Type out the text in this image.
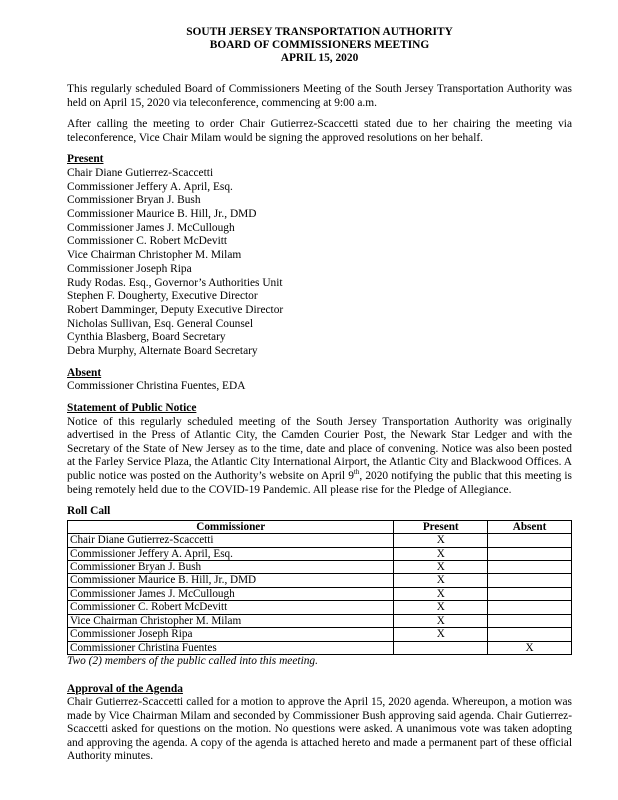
SOUTH JERSEY TRANSPORTATION AUTHORITY
BOARD OF COMMISSIONERS MEETING
APRIL 15, 2020

This regularly scheduled Board of Commissioners Meeting of the South Jersey Transportation Authority was held on April 15, 2020 via teleconference, commencing at 9:00 a.m.

After calling the meeting to order Chair Gutierrez-Scaccetti stated due to her chairing the meeting via teleconference, Vice Chair Milam would be signing the approved resolutions on her behalf.

Present
Chair Diane Gutierrez-Scaccetti
Commissioner Jeffery A. April, Esq.
Commissioner Bryan J. Bush
Commissioner Maurice B. Hill, Jr., DMD
Commissioner James J. McCullough
Commissioner C. Robert McDevitt
Vice Chairman Christopher M. Milam
Commissioner Joseph Ripa
Rudy Rodas. Esq., Governor’s Authorities Unit
Stephen F. Dougherty, Executive Director
Robert Damminger, Deputy Executive Director
Nicholas Sullivan, Esq. General Counsel
Cynthia Blasberg, Board Secretary
Debra Murphy, Alternate Board Secretary
Absent
Commissioner Christina Fuentes, EDA
Statement of Public Notice

Notice of this regularly scheduled meeting of the South Jersey Transportation Authority was originally advertised in the Press of Atlantic City, the Camden Courier Post, the Newark Star Ledger and with the Secretary of the State of New Jersey as to the time, date and place of convening. Notice was also been posted at the Farley Service Plaza, the Atlantic City International Airport, the Atlantic City and Blackwood Offices. A public notice was posted on the Authority’s website on April 9th, 2020 notifying the public that this meeting is being remotely held due to the COVID-19 Pandemic. All please rise for the Pledge of Allegiance.

Roll Call
Commissioner	Present	Absent
Chair Diane Gutierrez-Scaccetti	X	
Commissioner Jeffery A. April, Esq.	X	
Commissioner Bryan J. Bush	X	
Commissioner Maurice B. Hill, Jr., DMD	X	
Commissioner James J. McCullough	X	
Commissioner C. Robert McDevitt	X	
Vice Chairman Christopher M. Milam	X	
Commissioner Joseph Ripa	X	
Commissioner Christina Fuentes		X
Two (2) members of the public called into this meeting.
Approval of the Agenda

Chair Gutierrez-Scaccetti called for a motion to approve the April 15, 2020 agenda. Whereupon, a motion was made by Vice Chairman Milam and seconded by Commissioner Bush approving said agenda. Chair Gutierrez-Scaccetti asked for questions on the motion. No questions were asked. A unanimous vote was taken adopting and approving the agenda. A copy of the agenda is attached hereto and made a permanent part of these official Authority minutes.
